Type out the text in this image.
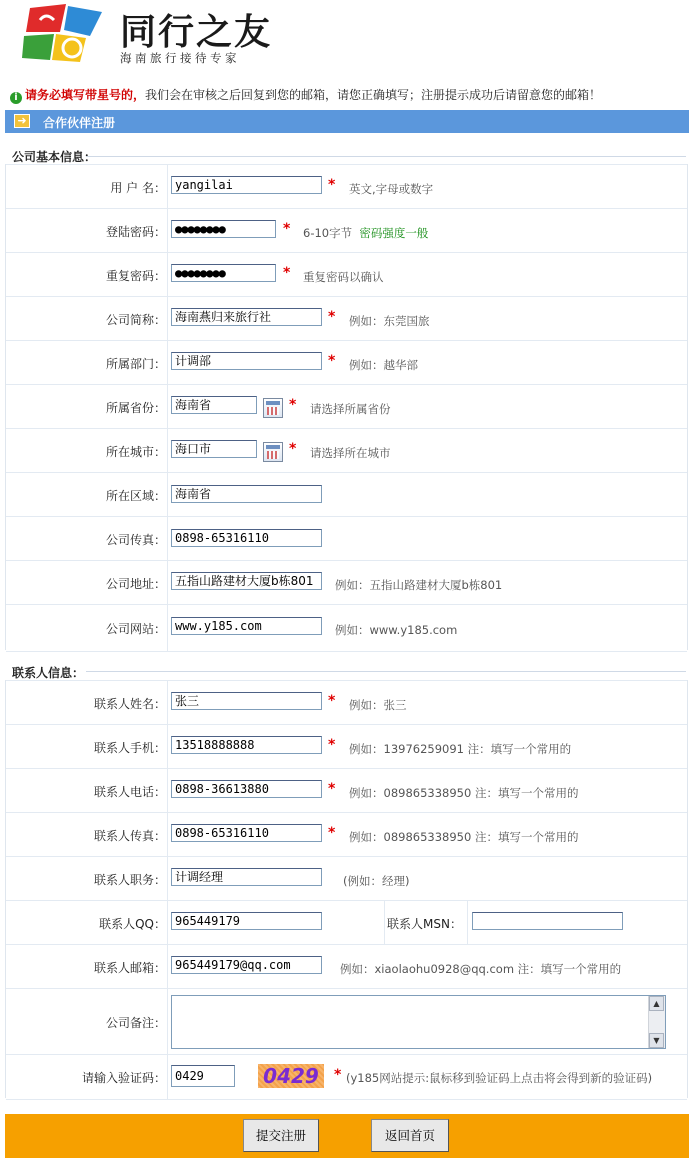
同行之友
海南旅行接待专家
i 请务必填写带星号的，我们会在审核之后回复到您的邮箱，请您正确填写；注册提示成功后请留意您的邮箱！
➜ 合作伙伴注册
公司基本信息：
用 户 名： yangilai	* 英文,字母或数字
登陆密码： ●●●●●●●●	* 6-10字节 密码强度一般
重复密码： ●●●●●●●●	* 重复密码以确认
公司简称： 海南燕归来旅行社	* 例如：东莞国旅
所属部门： 计调部	* 例如：越华部
所属省份： 海南省	* 请选择所属省份
所在城市： 海口市	* 请选择所在城市
所在区域： 海南省
公司传真： 0898-65316110
公司地址： 五指山路建材大厦b栋801	例如：五指山路建材大厦b栋801
公司网站： www.y185.com	例如：www.y185.com
联系人信息：
联系人姓名： 张三	* 例如：张三
联系人手机： 13518888888	* 例如：13976259091 注：填写一个常用的
联系人电话： 0898-36613880	* 例如：089865338950 注：填写一个常用的
联系人传真： 0898-65316110	* 例如：089865338950 注：填写一个常用的
联系人职务： 计调经理	(例如：经理)
联系人QQ： 965449179	联系人MSN：
联系人邮箱： 965449179@qq.com	例如：xiaolaohu0928@qq.com 注：填写一个常用的
公司备注：
▲
▼
请输入验证码： 0429	0429	* (y185网站提示:鼠标移到验证码上点击将会得到新的验证码)
提交注册	返回首页
